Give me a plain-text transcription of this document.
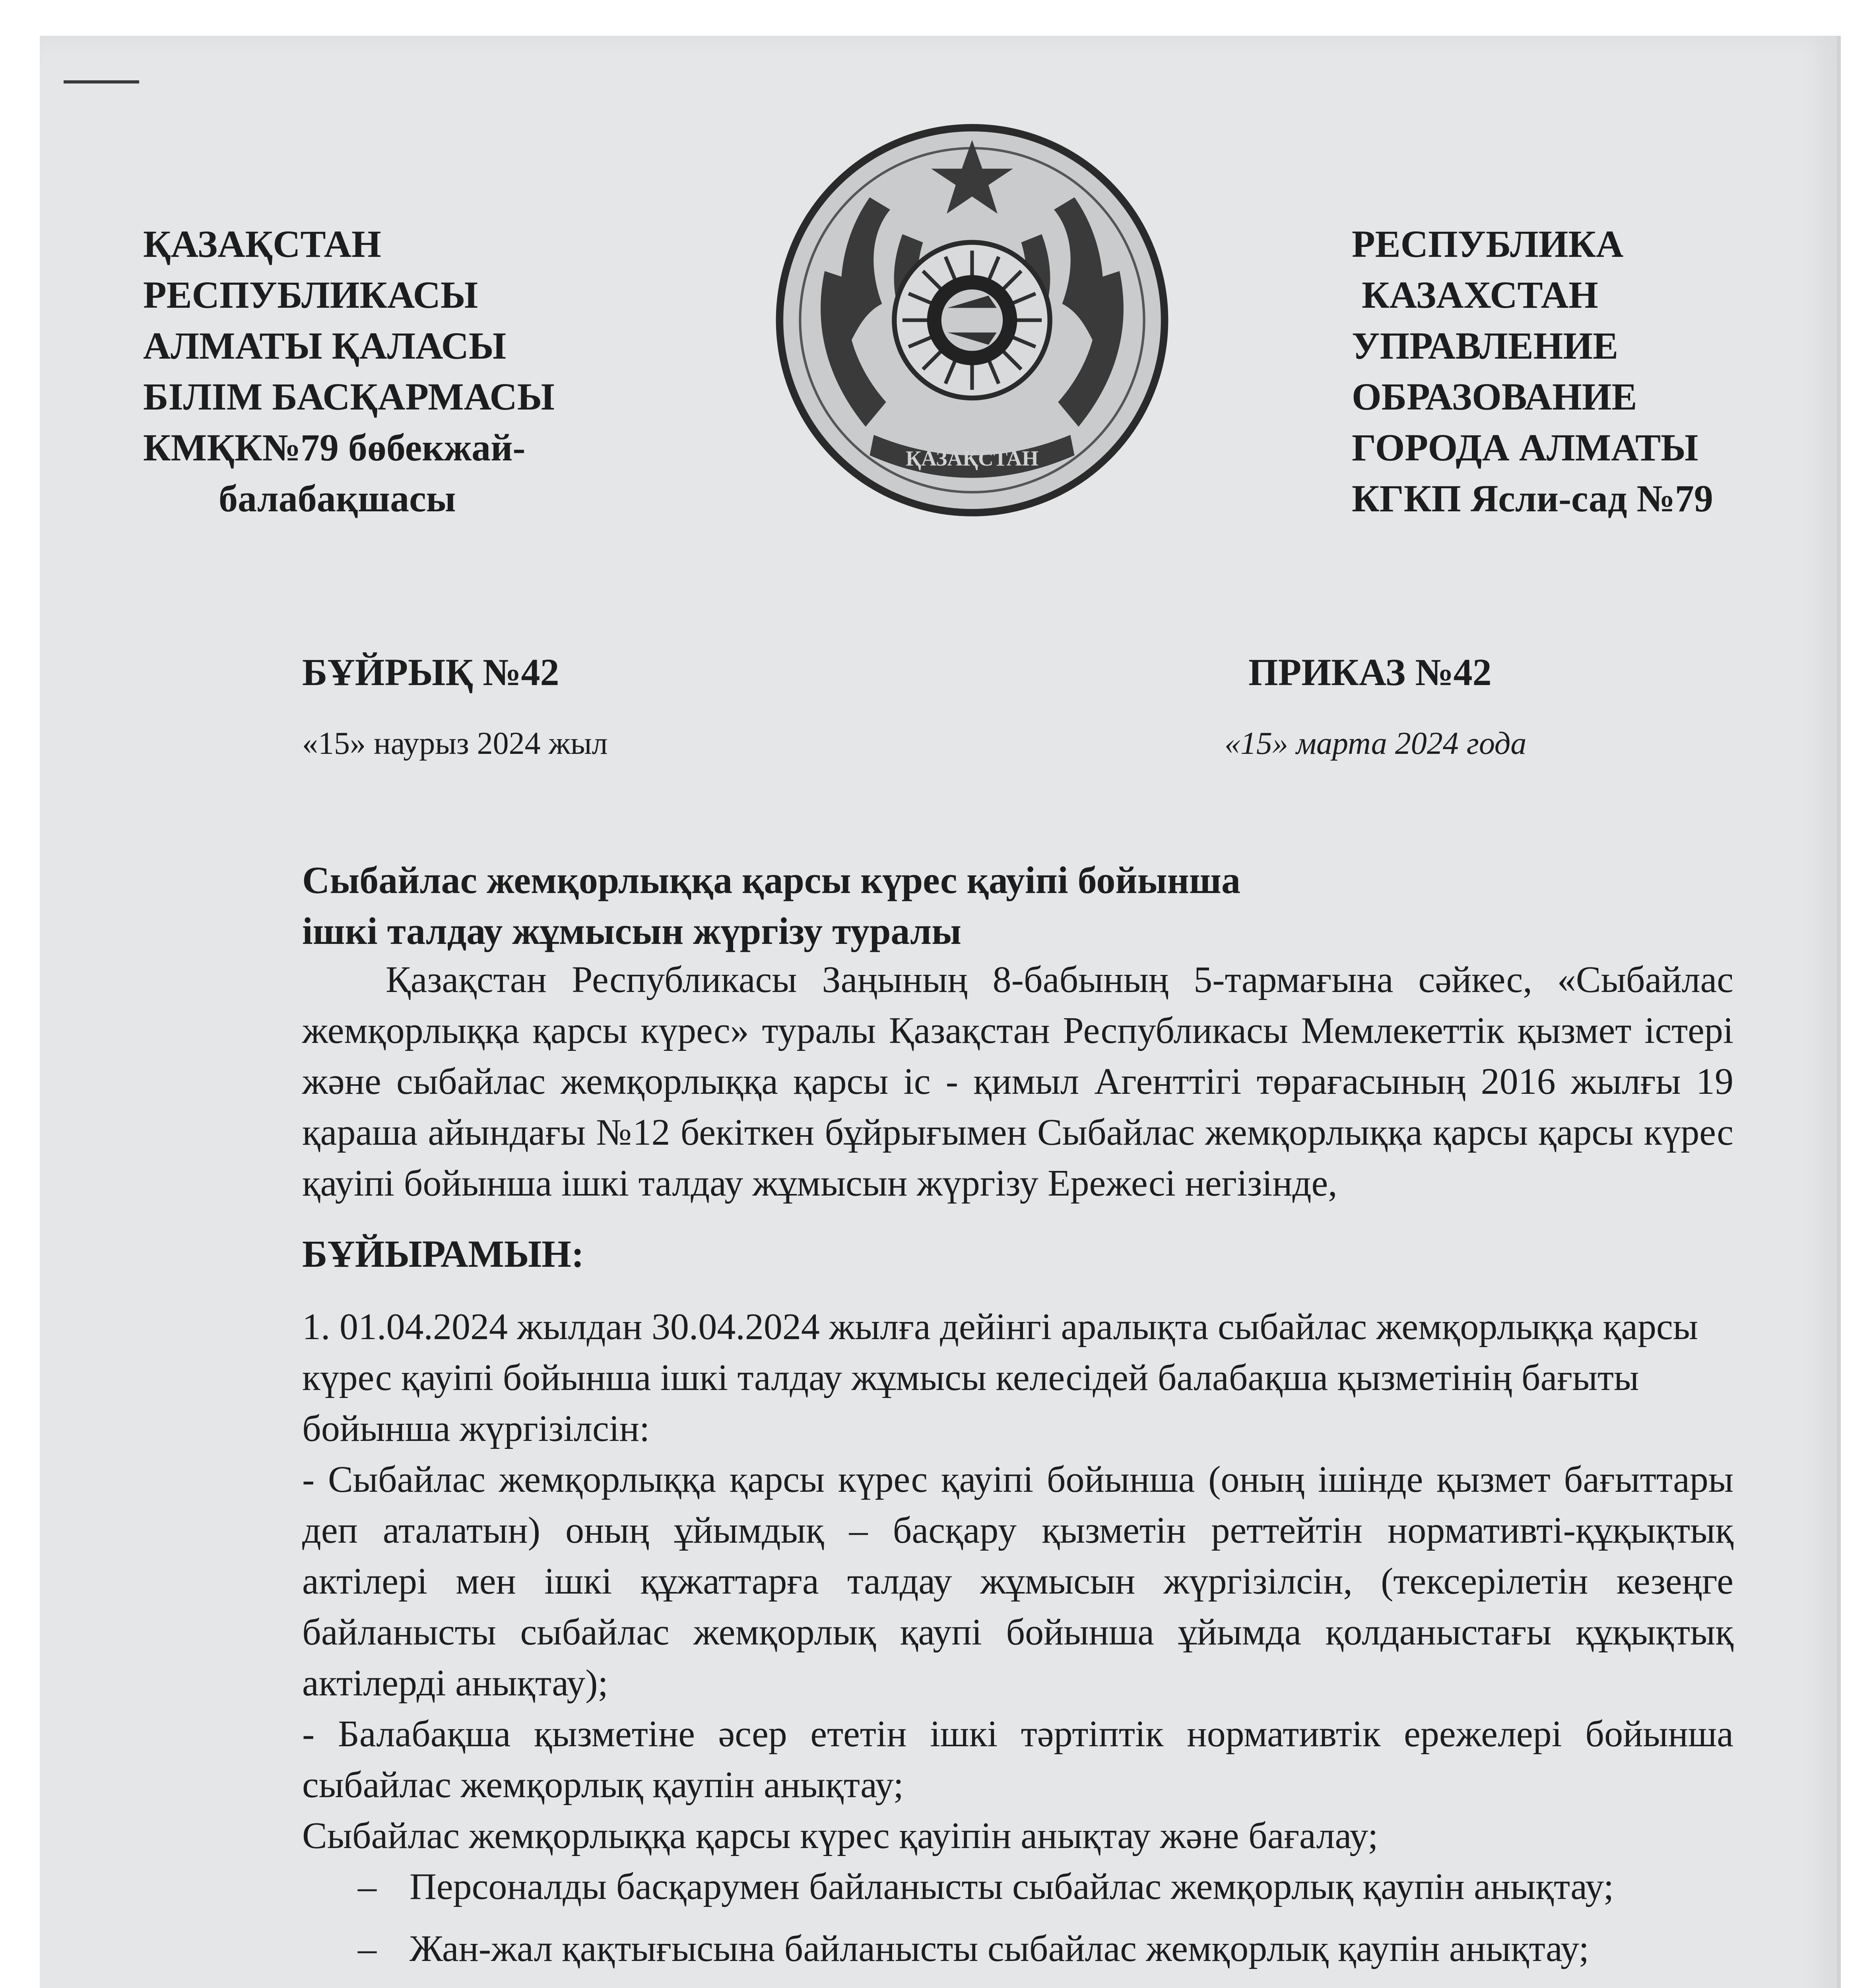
ҚАЗАҚСТАН
РЕСПУБЛИКАСЫ
АЛМАТЫ ҚАЛАСЫ
БІЛІМ БАСҚАРМАСЫ
КМҚК№79 бөбекжай-
балабақшасы
ҚАЗАҚСТАН
РЕСПУБЛИКА
КАЗАХСТАН
УПРАВЛЕНИЕ
ОБРАЗОВАНИЕ
ГОРОДА АЛМАТЫ
КГКП Ясли-сад №79
БҰЙРЫҚ №42	ПРИКАЗ №42
«15» наурыз 2024 жыл	«15» марта 2024 года
Сыбайлас жемқорлыққа қарсы күрес қауіпі бойынша
ішкі талдау жұмысын жүргізу туралы

Қазақстан Республикасы Заңының 8-бабының 5-тармағына сәйкес, «Сыбайлас жемқорлыққа қарсы күрес» туралы Қазақстан Республикасы Мемлекеттік қызмет істері және сыбайлас жемқорлыққа қарсы іс - қимыл Агенттігі төрағасының 2016 жылғы 19 қараша айындағы №12 бекіткен бұйрығымен Сыбайлас жемқорлыққа қарсы қарсы күрес қауіпі бойынша ішкі талдау жұмысын жүргізу Ережесі негізінде,

БҰЙЫРАМЫН:

1. 01.04.2024 жылдан 30.04.2024 жылға дейінгі аралықта сыбайлас жемқорлыққа қарсы күрес қауіпі бойынша ішкі талдау жұмысы келесідей балабақша қызметінің бағыты бойынша жүргізілсін:

- Сыбайлас жемқорлыққа қарсы күрес қауіпі бойынша (оның ішінде қызмет бағыттары деп аталатын) оның ұйымдық – басқару қызметін реттейтін нормативті-құқықтық актілері мен ішкі құжаттарға талдау жұмысын жүргізілсін, (тексерілетін кезеңге байланысты сыбайлас жемқорлық қаупі бойынша ұйымда қолданыстағы құқықтық актілерді анықтау);

- Балабақша қызметіне әсер ететін ішкі тәртіптік нормативтік ережелері бойынша сыбайлас жемқорлық қаупін анықтау;

Сыбайлас жемқорлыққа қарсы күрес қауіпін анықтау және бағалау;

– Персоналды басқарумен байланысты сыбайлас жемқорлық қаупін анықтау;
– Жан-жал қақтығысына байланысты сыбайлас жемқорлық қаупін анықтау;
